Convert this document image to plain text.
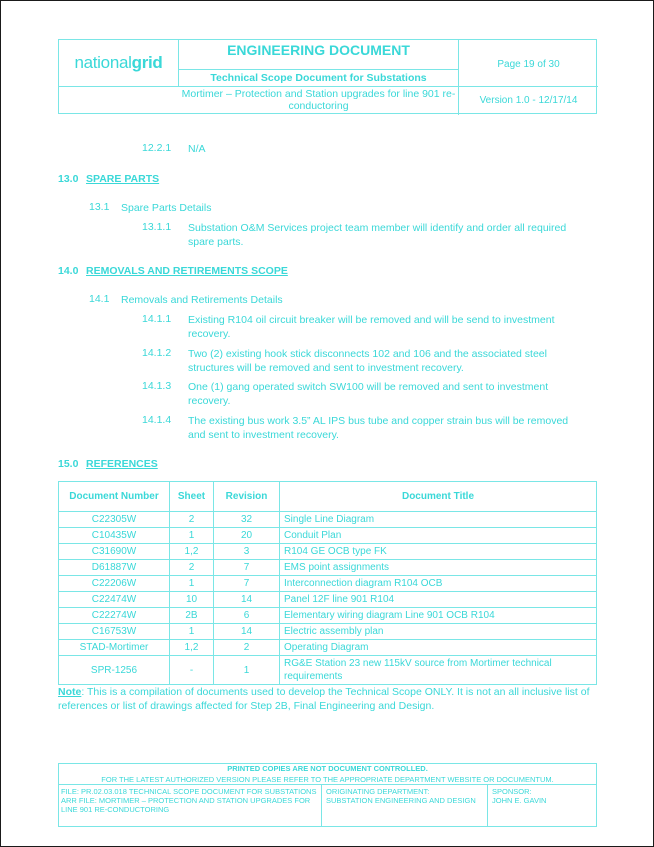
national grid
ENGINEERING DOCUMENT
Page 19 of 30
Technical Scope Document for Substations
Mortimer – Protection and Station upgrades for line 901 re-conductoring	Version 1.0 - 12/17/14
12.2.1 N/A
13.0 SPARE PARTS
13.1 Spare Parts Details
13.1.1 Substation O&M Services project team member will identify and order all required spare parts.
14.0 REMOVALS AND RETIREMENTS SCOPE
14.1 Removals and Retirements Details
14.1.1 Existing R104 oil circuit breaker will be removed and will be send to investment recovery.
14.1.2 Two (2) existing hook stick disconnects 102 and 106 and the associated steel structures will be removed and sent to investment recovery.
14.1.3 One (1) gang operated switch SW100 will be removed and sent to investment recovery.
14.1.4 The existing bus work 3.5” AL IPS bus tube and copper strain bus will be removed and sent to investment recovery.
15.0 REFERENCES
Document Number	Sheet	Revision	Document Title
C22305W	2	32	Single Line Diagram
C10435W	1	20	Conduit Plan
C31690W	1,2	3	R104 GE OCB type FK
D61887W	2	7	EMS point assignments
C22206W	1	7	Interconnection diagram R104 OCB
C22474W	10	14	Panel 12F line 901 R104
C22274W	2B	6	Elementary wiring diagram Line 901 OCB R104
C16753W	1	14	Electric assembly plan
STAD-Mortimer	1,2	2	Operating Diagram
SPR-1256	-	1	RG&E Station 23 new 115kV source from Mortimer technical requirements
Note: This is a compilation of documents used to develop the Technical Scope ONLY. It is not an all inclusive list of references or list of drawings affected for Step 2B, Final Engineering and Design.
PRINTED COPIES ARE NOT DOCUMENT CONTROLLED.
FOR THE LATEST AUTHORIZED VERSION PLEASE REFER TO THE APPROPRIATE DEPARTMENT WEBSITE OR DOCUMENTUM.
FILE: PR.02.03.018 TECHNICAL SCOPE DOCUMENT FOR SUBSTATIONS
ARR FILE: MORTIMER – PROTECTION AND STATION UPGRADES FOR LINE 901 RE-CONDUCTORING
ORIGINATING DEPARTMENT:
SUBSTATION ENGINEERING AND DESIGN
SPONSOR:
JOHN E. GAVIN
